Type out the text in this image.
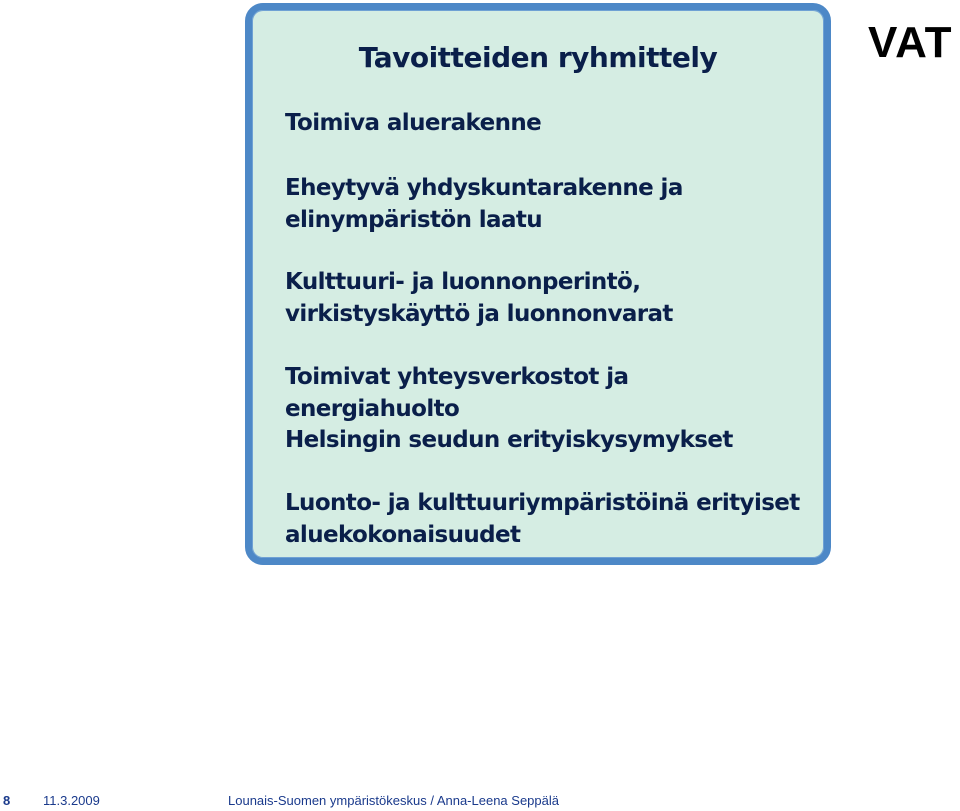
Tavoitteiden ryhmittely

Toimiva aluerakenne

Eheytyvä yhdyskuntarakenne ja elinympäristön laatu

Kulttuuri- ja luonnonperintö, virkistyskäyttö ja luonnonvarat

Toimivat yhteysverkostot ja energiahuolto

Helsingin seudun erityiskysymykset

Luonto- ja kulttuuriympäristöinä erityiset aluekokonaisuudet

VAT
8	11.3.2009	Lounais-Suomen ympäristökeskus / Anna-Leena Seppälä
